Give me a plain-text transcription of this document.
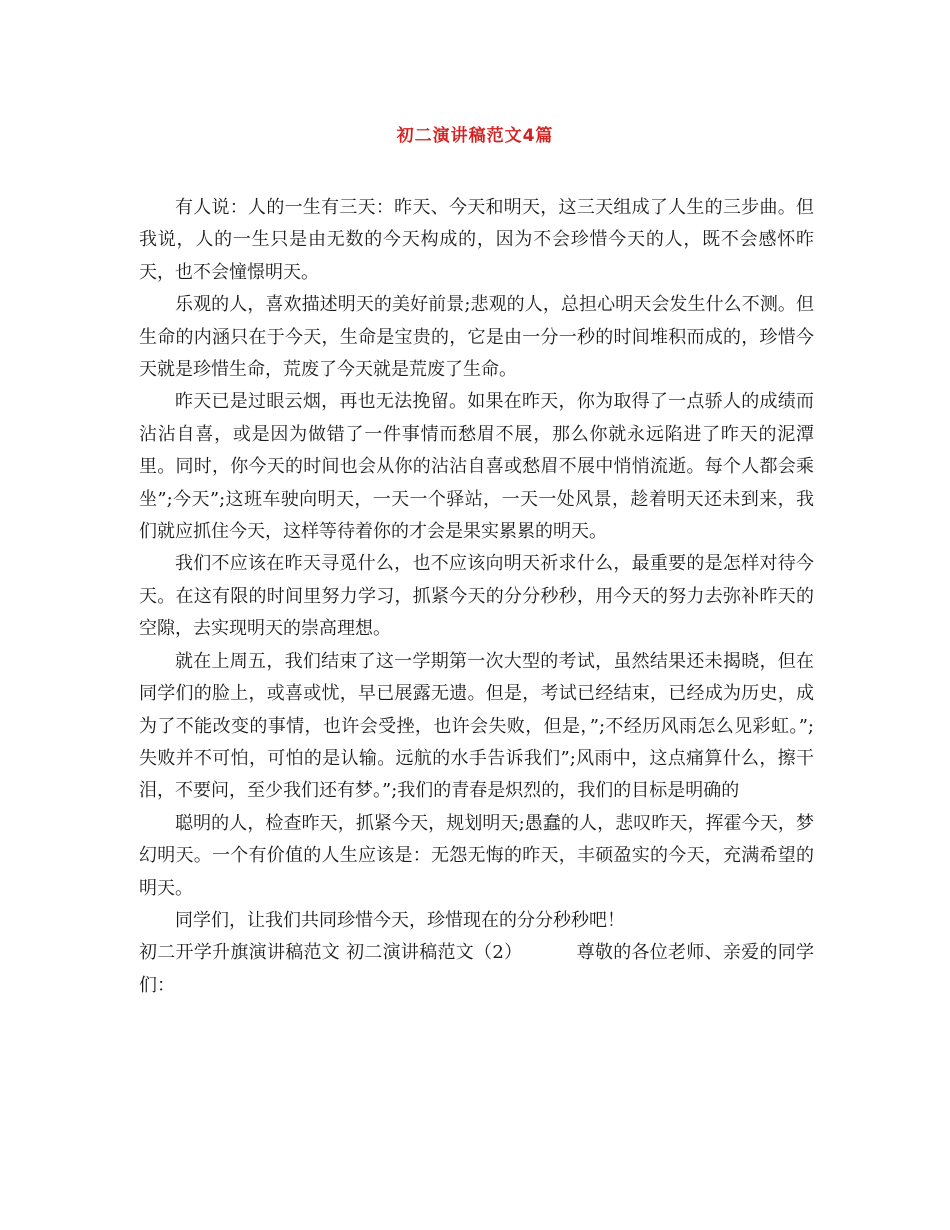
初二演讲稿范文4篇

有人说：人的一生有三天：昨天、今天和明天，这三天组成了人生的三步曲。但我说，人的一生只是由无数的今天构成的，因为不会珍惜今天的人，既不会感怀昨天，也不会憧憬明天。

乐观的人，喜欢描述明天的美好前景;悲观的人，总担心明天会发生什么不测。但生命的内涵只在于今天，生命是宝贵的，它是由一分一秒的时间堆积而成的，珍惜今天就是珍惜生命，荒废了今天就是荒废了生命。

昨天已是过眼云烟，再也无法挽留。如果在昨天，你为取得了一点骄人的成绩而沾沾自喜，或是因为做错了一件事情而愁眉不展，那么你就永远陷进了昨天的泥潭里。同时，你今天的时间也会从你的沾沾自喜或愁眉不展中悄悄流逝。每个人都会乘坐”;今天”;这班车驶向明天，一天一个驿站，一天一处风景，趁着明天还未到来，我们就应抓住今天，这样等待着你的才会是果实累累的明天。

我们不应该在昨天寻觅什么，也不应该向明天祈求什么，最重要的是怎样对待今天。在这有限的时间里努力学习，抓紧今天的分分秒秒，用今天的努力去弥补昨天的空隙，去实现明天的崇高理想。

就在上周五，我们结束了这一学期第一次大型的考试，虽然结果还未揭晓，但在同学们的脸上，或喜或忧，早已展露无遗。但是，考试已经结束，已经成为历史，成为了不能改变的事情，也许会受挫，也许会失败，但是，”;不经历风雨怎么见彩虹。”;失败并不可怕，可怕的是认输。远航的水手告诉我们”;风雨中，这点痛算什么，擦干泪，不要问，至少我们还有梦。”;我们的青春是炽烈的，我们的目标是明确的

聪明的人，检查昨天，抓紧今天，规划明天;愚蠢的人，悲叹昨天，挥霍今天，梦幻明天。一个有价值的人生应该是：无怨无悔的昨天，丰硕盈实的今天，充满希望的明天。

同学们，让我们共同珍惜今天，珍惜现在的分分秒秒吧！

初二开学升旗演讲稿范文 初二演讲稿范文（2）	尊敬的各位老师、亲爱的同学们：
